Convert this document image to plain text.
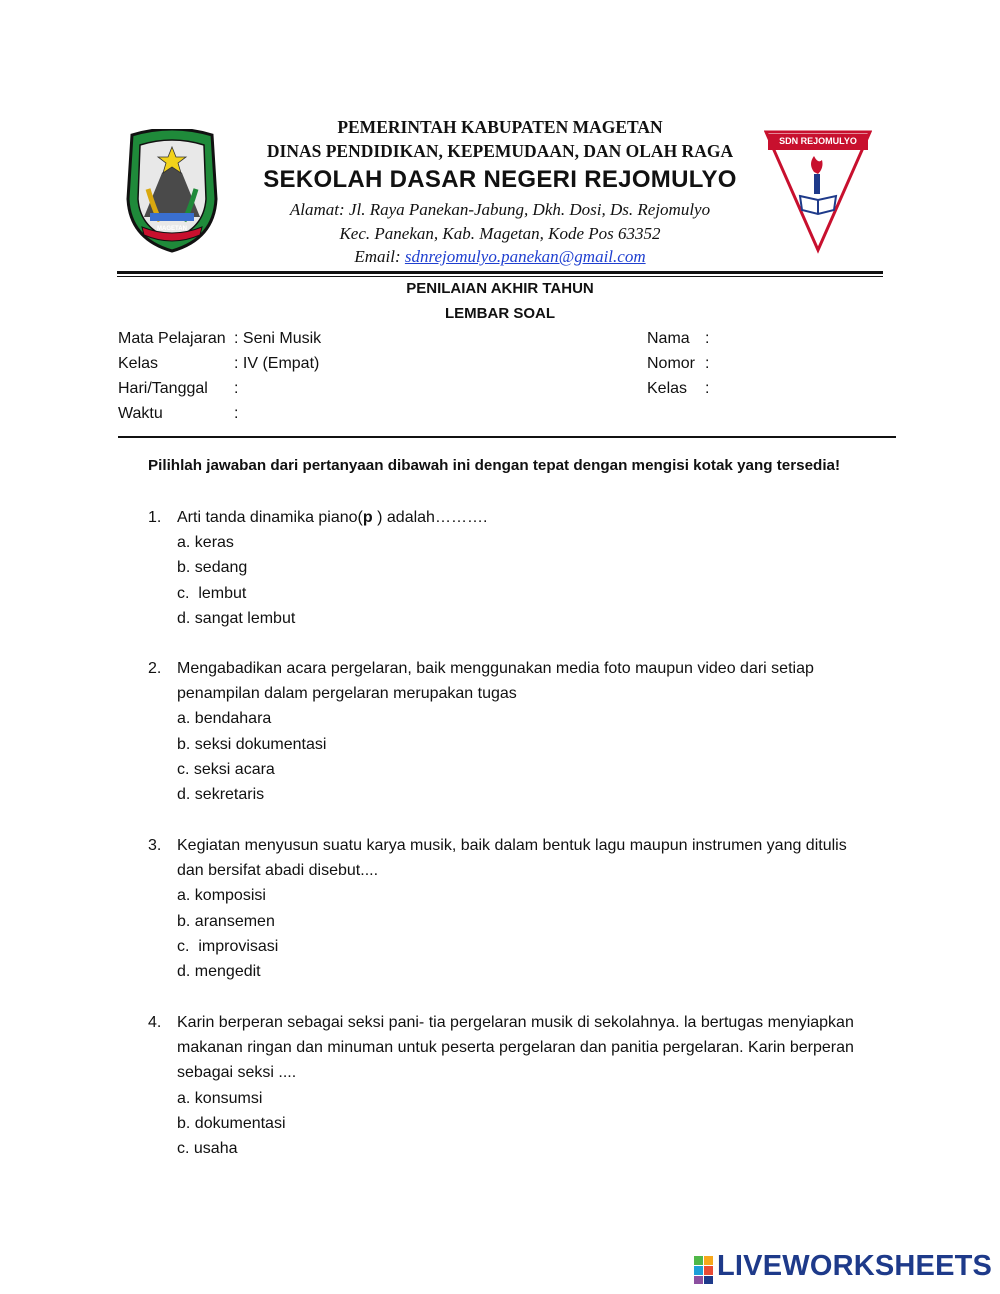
MAGETAN
SDN REJOMULYO
PEMERINTAH KABUPATEN MAGETAN
DINAS PENDIDIKAN, KEPEMUDAAN, DAN OLAH RAGA
SEKOLAH DASAR NEGERI REJOMULYO
Alamat: Jl. Raya Panekan-Jabung, Dkh. Dosi, Ds. Rejomulyo
Kec. Panekan, Kab. Magetan, Kode Pos 63352
Email: sdnrejomulyo.panekan@gmail.com
PENILAIAN AKHIR TAHUN
LEMBAR SOAL
Mata Pelajaran : Seni Musik
Kelas	: IV (Empat)
Hari/Tanggal :
Waktu	:
Nama :
Nomor :
Kelas :
Pilihlah jawaban dari pertanyaan dibawah ini dengan tepat dengan mengisi kotak yang tersedia!
1. Arti tanda dinamika piano(p ) adalah……….
a. keras
b. sedang
c.  lembut
d. sangat lembut
2. Mengabadikan acara pergelaran, baik menggunakan media foto maupun video dari setiap penampilan dalam pergelaran merupakan tugas
a. bendahara
b. seksi dokumentasi
c. seksi acara
d. sekretaris
3. Kegiatan menyusun suatu karya musik, baik dalam bentuk lagu maupun instrumen yang ditulis dan bersifat abadi disebut....
a. komposisi
b. aransemen
c.  improvisasi
d. mengedit
4. Karin berperan sebagai seksi pani- tia pergelaran musik di sekolahnya. la bertugas menyiapkan makanan ringan dan minuman untuk peserta pergelaran dan panitia pergelaran. Karin berperan sebagai seksi ....
a. konsumsi
b. dokumentasi
c. usaha
LIVEWORKSHEETS
